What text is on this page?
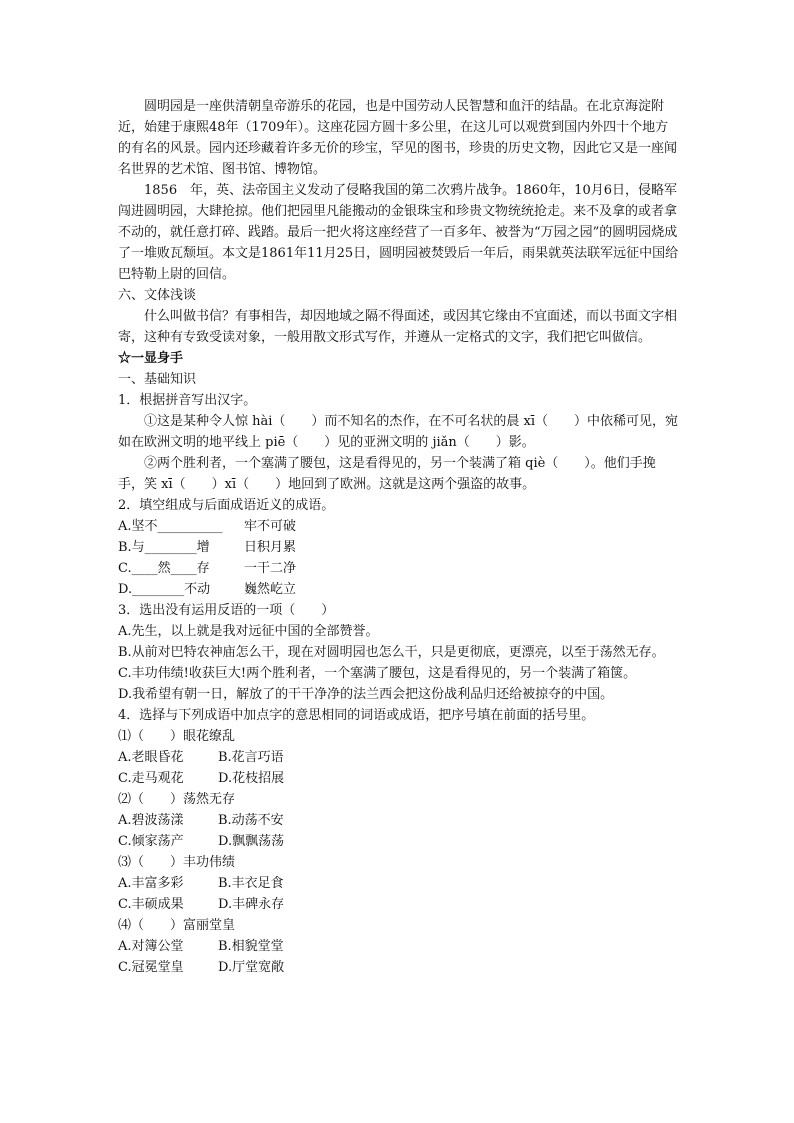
圆明园是一座供清朝皇帝游乐的花园，也是中国劳动人民智慧和血汗的结晶。在北京海淀附近，始建于康熙48年（1709年）。这座花园方圆十多公里，在这儿可以观赏到国内外四十个地方的有名的风景。园内还珍藏着许多无价的珍宝，罕见的图书，珍贵的历史文物，因此它又是一座闻名世界的艺术馆、图书馆、博物馆。

1856　年，英、法帝国主义发动了侵略我国的第二次鸦片战争。1860年，10月6日，侵略军闯进圆明园，大肆抢掠。他们把园里凡能搬动的金银珠宝和珍贵文物统统抢走。来不及拿的或者拿不动的，就任意打碎、践踏。最后一把火将这座经营了一百多年、被誉为“万园之园”的圆明园烧成了一堆败瓦颓垣。本文是1861年11月25日，圆明园被焚毁后一年后，雨果就英法联军远征中国给巴特勒上尉的回信。

六、文体浅谈

什么叫做书信？有事相告，却因地域之隔不得面述，或因其它缘由不宜面述，而以书面文字相寄，这种有专致受读对象，一般用散文形式写作，并遵从一定格式的文字，我们把它叫做信。

☆一显身手

一、基础知识

1．根据拼音写出汉字。

①这是某种令人惊 hài（　　）而不知名的杰作，在不可名状的晨 xī（　　）中依稀可见，宛如在欧洲文明的地平线上 piē（　　）见的亚洲文明的 jiǎn（　　）影。

②两个胜利者，一个塞满了腰包，这是看得见的，另一个装满了箱 qiè（　　）。他们手挽手，笑 xī（　　）xī（　　）地回到了欧洲。这就是这两个强盗的故事。

2．填空组成与后面成语近义的成语。

A.坚不__________	牢不可破
B.与________增	日积月累
C.____然____存	一干二净
D.________不动	巍然屹立

3．选出没有运用反语的一项（　　）

A.先生，以上就是我对远征中国的全部赞誉。

B.从前对巴特农神庙怎么干，现在对圆明园也怎么干，只是更彻底，更漂亮，以至于荡然无存。

C.丰功伟绩!收获巨大!两个胜利者，一个塞满了腰包，这是看得见的，另一个装满了箱箧。

D.我希望有朝一日，解放了的干干净净的法兰西会把这份战利品归还给被掠夺的中国。

4．选择与下列成语中加点字的意思相同的词语或成语，把序号填在前面的括号里。

⑴（　　）眼花缭乱

A.老眼昏花	B.花言巧语
C.走马观花	D.花枝招展

⑵（　　）荡然无存

A.碧波荡漾	B.动荡不安
C.倾家荡产	D.飘飘荡荡

⑶（　　）丰功伟绩

A.丰富多彩	B.丰衣足食
C.丰硕成果	D.丰碑永存

⑷（　　）富丽堂皇

A.对簿公堂	B.相貌堂堂
C.冠冕堂皇	D.厅堂宽敞
